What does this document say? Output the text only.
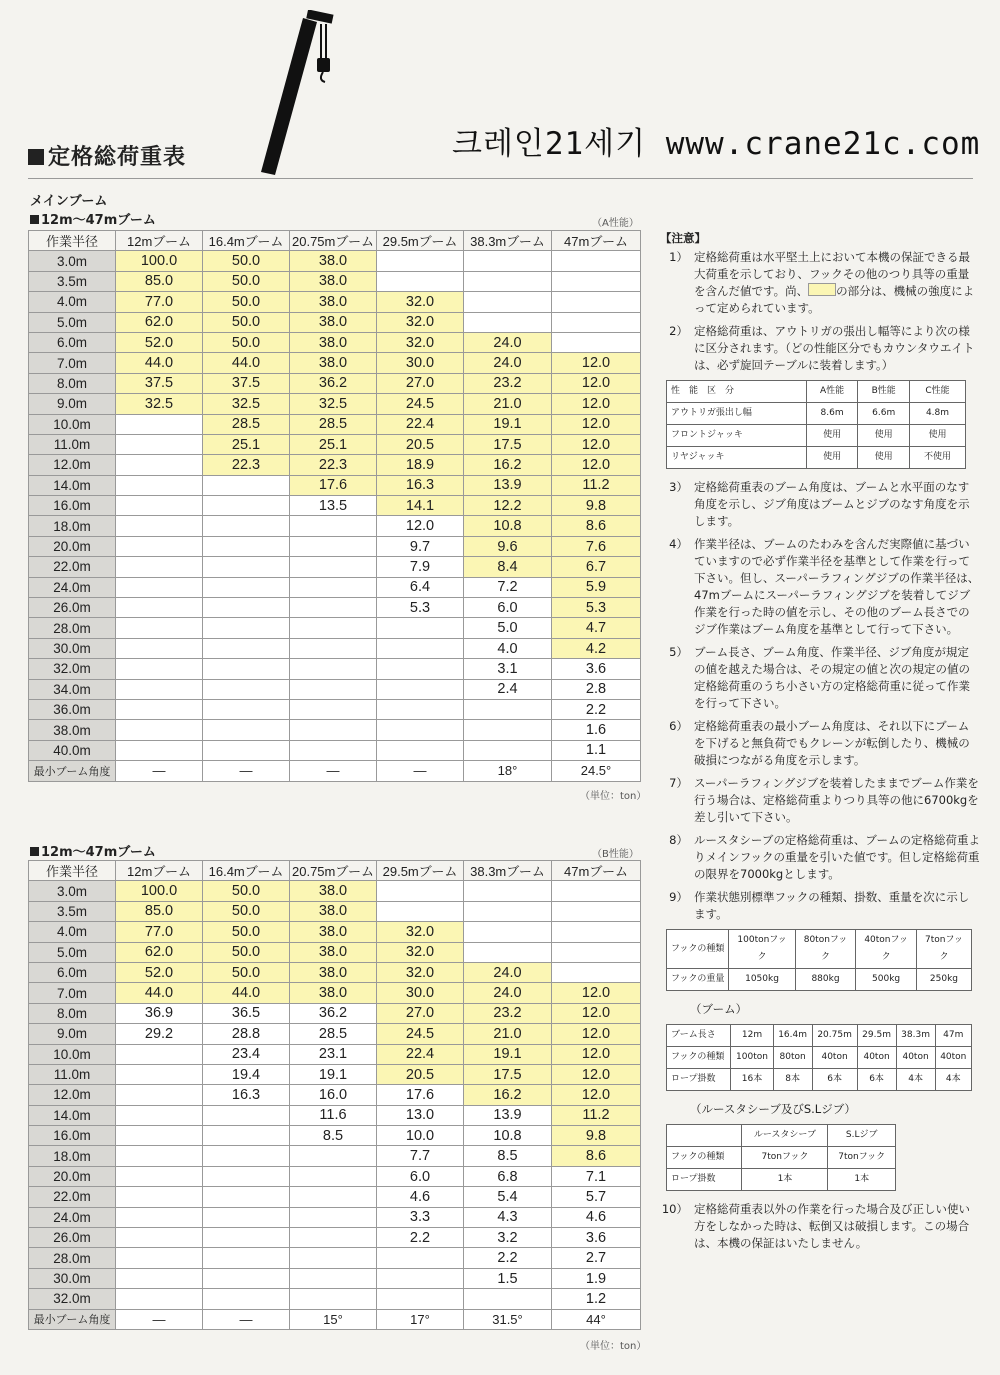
定格総荷重表	크레인21세기 www.crane21c.com
メインブーム
12m〜47mブーム	（A性能）
作業半径	12mブーム	16.4mブーム	20.75mブーム	29.5mブーム	38.3mブーム	47mブーム
3.0m	100.0	50.0	38.0			
3.5m	85.0	50.0	38.0			
4.0m	77.0	50.0	38.0	32.0		
5.0m	62.0	50.0	38.0	32.0		
6.0m	52.0	50.0	38.0	32.0	24.0	
7.0m	44.0	44.0	38.0	30.0	24.0	12.0
8.0m	37.5	37.5	36.2	27.0	23.2	12.0
9.0m	32.5	32.5	32.5	24.5	21.0	12.0
10.0m		28.5	28.5	22.4	19.1	12.0
11.0m		25.1	25.1	20.5	17.5	12.0
12.0m		22.3	22.3	18.9	16.2	12.0
14.0m			17.6	16.3	13.9	11.2
16.0m			13.5	14.1	12.2	9.8
18.0m				12.0	10.8	8.6
20.0m				9.7	9.6	7.6
22.0m				7.9	8.4	6.7
24.0m				6.4	7.2	5.9
26.0m				5.3	6.0	5.3
28.0m					5.0	4.7
30.0m					4.0	4.2
32.0m					3.1	3.6
34.0m					2.4	2.8
36.0m						2.2
38.0m						1.6
40.0m						1.1
最小ブーム角度	—	—	—	—	18°	24.5°
（単位：ton）
12m〜47mブーム	（B性能）
作業半径	12mブーム	16.4mブーム	20.75mブーム	29.5mブーム	38.3mブーム	47mブーム
3.0m	100.0	50.0	38.0			
3.5m	85.0	50.0	38.0			
4.0m	77.0	50.0	38.0	32.0		
5.0m	62.0	50.0	38.0	32.0		
6.0m	52.0	50.0	38.0	32.0	24.0	
7.0m	44.0	44.0	38.0	30.0	24.0	12.0
8.0m	36.9	36.5	36.2	27.0	23.2	12.0
9.0m	29.2	28.8	28.5	24.5	21.0	12.0
10.0m		23.4	23.1	22.4	19.1	12.0
11.0m		19.4	19.1	20.5	17.5	12.0
12.0m		16.3	16.0	17.6	16.2	12.0
14.0m			11.6	13.0	13.9	11.2
16.0m			8.5	10.0	10.8	9.8
18.0m				7.7	8.5	8.6
20.0m				6.0	6.8	7.1
22.0m				4.6	5.4	5.7
24.0m				3.3	4.3	4.6
26.0m				2.2	3.2	3.6
28.0m					2.2	2.7
30.0m					1.5	1.9
32.0m						1.2
最小ブーム角度	—	—	15°	17°	31.5°	44°
（単位：ton）
【注意】
1） 定格総荷重は水平堅土上において本機の保証できる最大荷重を示しており、フックその他のつり具等の重量を含んだ値です。尚、 の部分は、機械の強度によって定められています。
2） 定格総荷重は、アウトリガの張出し幅等により次の様に区分されます。（どの性能区分でもカウンタウエイトは、必ず旋回テーブルに装着します。）
性　能　区　分	A性能	B性能	C性能
アウトリガ張出し幅	8.6m	6.6m	4.8m
フロントジャッキ	使用	使用	使用
リヤジャッキ	使用	使用	不使用
3） 定格総荷重表のブーム角度は、ブームと水平面のなす角度を示し、ジブ角度はブームとジブのなす角度を示します。
4） 作業半径は、ブームのたわみを含んだ実際値に基づいていますので必ず作業半径を基準として作業を行って下さい。但し、スーパーラフィングジブの作業半径は、47mブームにスーパーラフィングジブを装着してジブ作業を行った時の値を示し、その他のブーム長さでのジブ作業はブーム角度を基準として行って下さい。
5） ブーム長さ、ブーム角度、作業半径、ジブ角度が規定の値を越えた場合は、その規定の値と次の規定の値の定格総荷重のうち小さい方の定格総荷重に従って作業を行って下さい。
6） 定格総荷重表の最小ブーム角度は、それ以下にブームを下げると無負荷でもクレーンが転倒したり、機械の破損につながる角度を示します。
7） スーパーラフィングジブを装着したままでブーム作業を行う場合は、定格総荷重よりつり具等の他に6700kgを差し引いて下さい。
8） ルースタシーブの定格総荷重は、ブームの定格総荷重よりメインフックの重量を引いた値です。但し定格総荷重の限界を7000kgとします。
9） 作業状態別標準フックの種類、掛数、重量を次に示します。
フックの種類	100tonフック	80tonフック	40tonフック	7tonフック
フックの重量	1050kg	880kg	500kg	250kg
（ブーム）
ブーム長さ	12m	16.4m	20.75m	29.5m	38.3m	47m
フックの種類	100ton	80ton	40ton	40ton	40ton	40ton
ロープ掛数	16本	8本	6本	6本	4本	4本
（ルースタシーブ及びS.Lジブ）
	ルースタシーブ	S.Lジブ
フックの種類	7tonフック	7tonフック
ロープ掛数	1本	1本
10） 定格総荷重表以外の作業を行った場合及び正しい使い方をしなかった時は、転倒又は破損します。この場合は、本機の保証はいたしません。
